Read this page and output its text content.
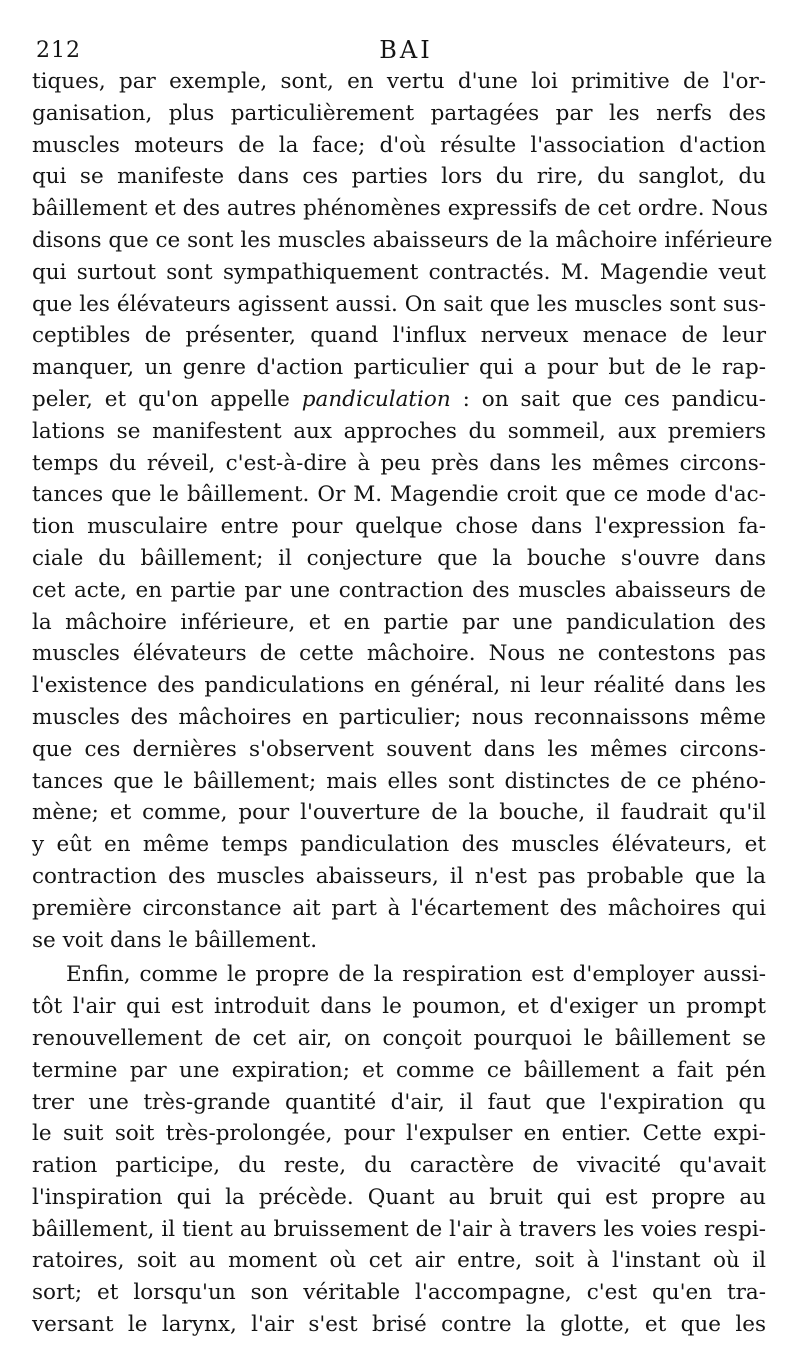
212	BAI
tiques, par exemple, sont, en vertu d'une loi primitive de l'or-
ganisation, plus particulièrement partagées par les nerfs des
muscles moteurs de la face; d'où résulte l'association d'action
qui se manifeste dans ces parties lors du rire, du sanglot, du
bâillement et des autres phénomènes expressifs de cet ordre. Nous
disons que ce sont les muscles abaisseurs de la mâchoire inférieure
qui surtout sont sympathiquement contractés. M. Magendie veut
que les élévateurs agissent aussi. On sait que les muscles sont sus-
ceptibles de présenter, quand l'influx nerveux menace de leur
manquer, un genre d'action particulier qui a pour but de le rap-
peler, et qu'on appelle pandiculation : on sait que ces pandicu-
lations se manifestent aux approches du sommeil, aux premiers
temps du réveil, c'est-à-dire à peu près dans les mêmes circons-
tances que le bâillement. Or M. Magendie croit que ce mode d'ac-
tion musculaire entre pour quelque chose dans l'expression fa-
ciale du bâillement; il conjecture que la bouche s'ouvre dans
cet acte, en partie par une contraction des muscles abaisseurs de
la mâchoire inférieure, et en partie par une pandiculation des
muscles élévateurs de cette mâchoire. Nous ne contestons pas
l'existence des pandiculations en général, ni leur réalité dans les
muscles des mâchoires en particulier; nous reconnaissons même
que ces dernières s'observent souvent dans les mêmes circons-
tances que le bâillement; mais elles sont distinctes de ce phéno-
mène; et comme, pour l'ouverture de la bouche, il faudrait qu'il
y eût en même temps pandiculation des muscles élévateurs, et
contraction des muscles abaisseurs, il n'est pas probable que la
première circonstance ait part à l'écartement des mâchoires qui
se voit dans le bâillement.
Enfin, comme le propre de la respiration est d'employer aussi-
tôt l'air qui est introduit dans le poumon, et d'exiger un prompt
renouvellement de cet air, on conçoit pourquoi le bâillement se
termine par une expiration; et comme ce bâillement a fait pén
trer une très-grande quantité d'air, il faut que l'expiration qu
le suit soit très-prolongée, pour l'expulser en entier. Cette expi-
ration participe, du reste, du caractère de vivacité qu'avait
l'inspiration qui la précède. Quant au bruit qui est propre au
bâillement, il tient au bruissement de l'air à travers les voies respi-
ratoires, soit au moment où cet air entre, soit à l'instant où il
sort; et lorsqu'un son véritable l'accompagne, c'est qu'en tra-
versant le larynx, l'air s'est brisé contre la glotte, et que les
